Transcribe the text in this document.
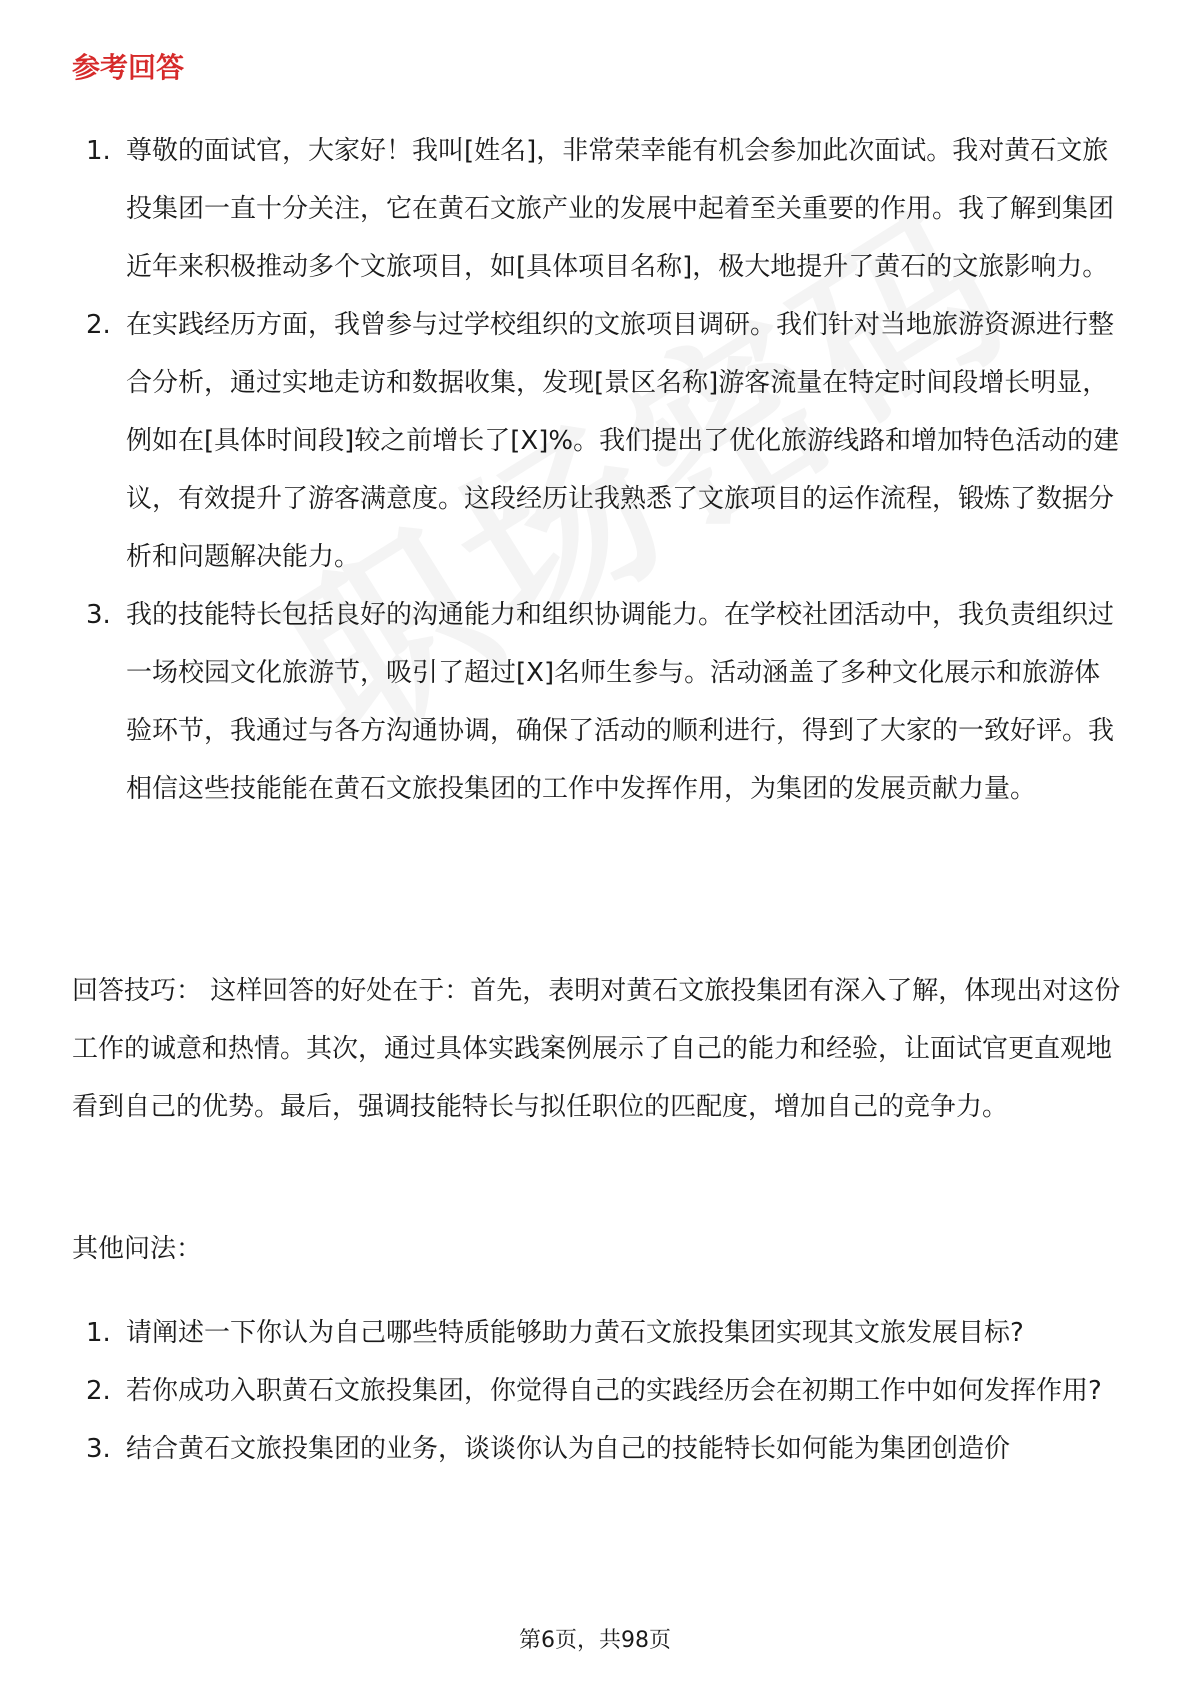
参考回答
1. 尊敬的面试官，大家好！我叫[姓名]，非常荣幸能有机会参加此次面试。我对黄石文旅投集团一直十分关注，它在黄石文旅产业的发展中起着至关重要的作用。我了解到集团近年来积极推动多个文旅项目，如[具体项目名称]，极大地提升了黄石的文旅影响力。
2. 在实践经历方面，我曾参与过学校组织的文旅项目调研。我们针对当地旅游资源进行整合分析，通过实地走访和数据收集，发现[景区名称]游客流量在特定时间段增长明显，例如在[具体时间段]较之前增长了[X]%。我们提出了优化旅游线路和增加特色活动的建议，有效提升了游客满意度。这段经历让我熟悉了文旅项目的运作流程，锻炼了数据分析和问题解决能力。
3. 我的技能特长包括良好的沟通能力和组织协调能力。在学校社团活动中，我负责组织过一场校园文化旅游节，吸引了超过[X]名师生参与。活动涵盖了多种文化展示和旅游体验环节，我通过与各方沟通协调，确保了活动的顺利进行，得到了大家的一致好评。我相信这些技能能在黄石文旅投集团的工作中发挥作用，为集团的发展贡献力量。

回答技巧： 这样回答的好处在于：首先，表明对黄石文旅投集团有深入了解，体现出对这份工作的诚意和热情。其次，通过具体实践案例展示了自己的能力和经验，让面试官更直观地看到自己的优势。最后，强调技能特长与拟任职位的匹配度，增加自己的竞争力。

其他问法：

1. 请阐述一下你认为自己哪些特质能够助力黄石文旅投集团实现其文旅发展目标?
2. 若你成功入职黄石文旅投集团，你觉得自己的实践经历会在初期工作中如何发挥作用?
3. 结合黄石文旅投集团的业务，谈谈你认为自己的技能特长如何能为集团创造价
第6页，共98页
